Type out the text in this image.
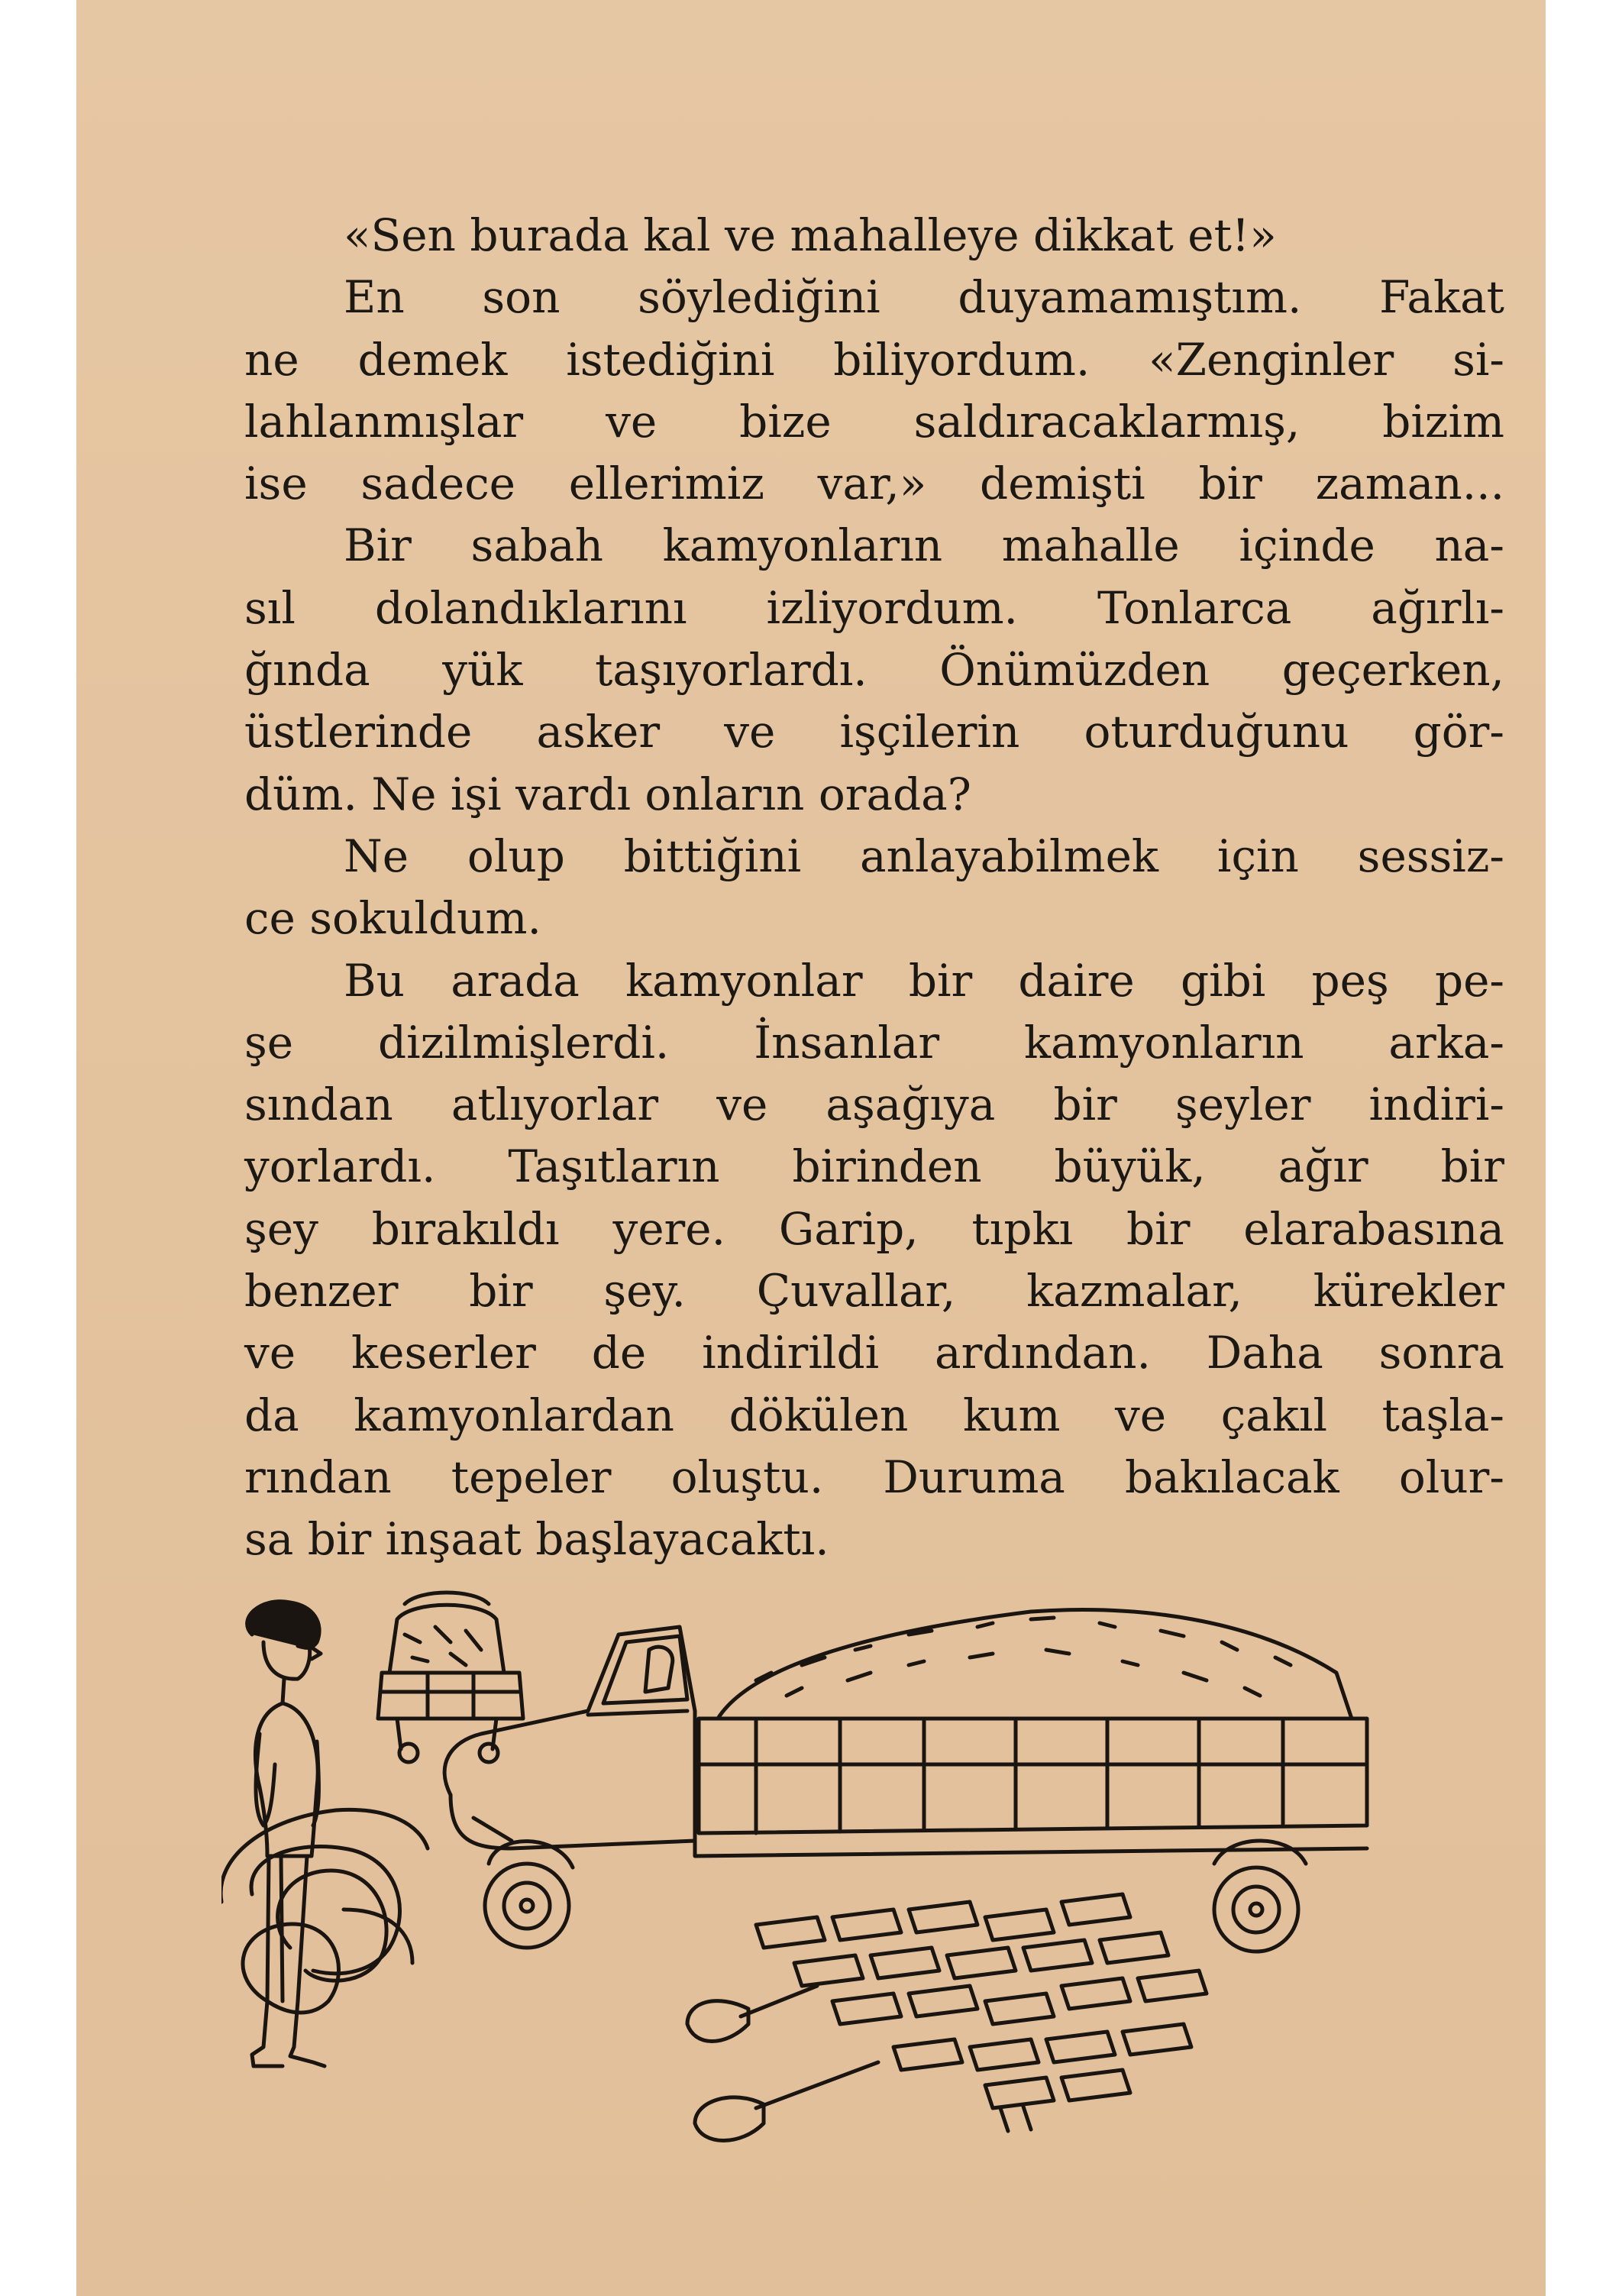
«Sen burada kal ve mahalleye dikkat et!»
En son söylediğini duyamamıştım. Fakat
ne demek istediğini biliyordum. «Zenginler si-
lahlanmışlar ve bize saldıracaklarmış, bizim
ise sadece ellerimiz var,» demişti bir zaman...
Bir sabah kamyonların mahalle içinde na-
sıl dolandıklarını izliyordum. Tonlarca ağırlı-
ğında yük taşıyorlardı. Önümüzden geçerken,
üstlerinde asker ve işçilerin oturduğunu gör-
düm. Ne işi vardı onların orada?
Ne olup bittiğini anlayabilmek için sessiz-
ce sokuldum.
Bu arada kamyonlar bir daire gibi peş pe-
şe dizilmişlerdi. İnsanlar kamyonların arka-
sından atlıyorlar ve aşağıya bir şeyler indiri-
yorlardı. Taşıtların birinden büyük, ağır bir
şey bırakıldı yere. Garip, tıpkı bir elarabasına
benzer bir şey. Çuvallar, kazmalar, kürekler
ve keserler de indirildi ardından. Daha sonra
da kamyonlardan dökülen kum ve çakıl taşla-
rından tepeler oluştu. Duruma bakılacak olur-
sa bir inşaat başlayacaktı.
